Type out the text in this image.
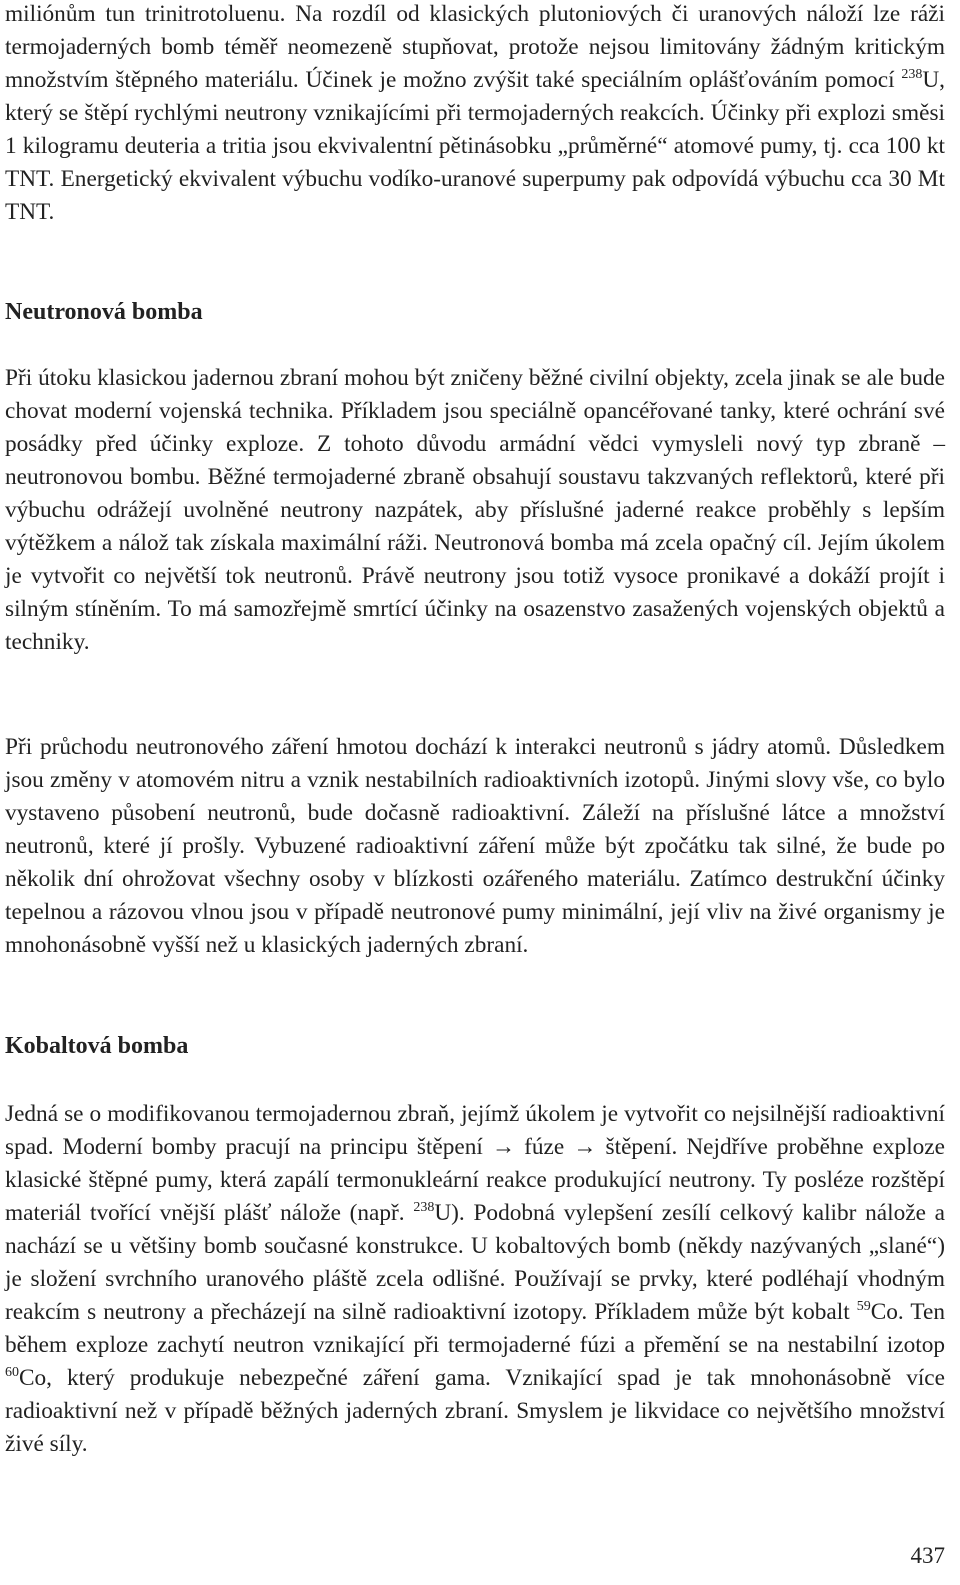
miliónům tun trinitrotoluenu. Na rozdíl od klasických plutoniových či uranových náloží lze ráži termojaderných bomb téměř neomezeně stupňovat, protože nejsou limitovány žádným kritickým množstvím štěpného materiálu. Účinek je možno zvýšit také speciálním oplášťováním pomocí $^{238}$U, který se štěpí rychlými neutrony vznikajícími při termojaderných reakcích. Účinky při explozi směsi 1 kilogramu deuteria a tritia jsou ekvivalentní pětinásobku „průměrné“ atomové pumy, tj. cca 100 kt TNT. Energetický ekvivalent výbuchu vodíko-uranové superpumy pak odpovídá výbuchu cca 30 Mt TNT.

Neutronová bomba

Při útoku klasickou jadernou zbraní mohou být zničeny běžné civilní objekty, zcela jinak se ale bude chovat moderní vojenská technika. Příkladem jsou speciálně opancéřované tanky, které ochrání své posádky před účinky exploze. Z tohoto důvodu armádní vědci vymysleli nový typ zbraně – neutronovou bombu. Běžné termojaderné zbraně obsahují soustavu takzvaných reflektorů, které při výbuchu odrážejí uvolněné neutrony nazpátek, aby příslušné jaderné reakce proběhly s lepším výtěžkem a nálož tak získala maximální ráži. Neutronová bomba má zcela opačný cíl. Jejím úkolem je vytvořit co největší tok neutronů. Právě neutrony jsou totiž vysoce pronikavé a dokáží projít i silným stíněním. To má samozřejmě smrtící účinky na osazenstvo zasažených vojenských objektů a techniky.

Při průchodu neutronového záření hmotou dochází k interakci neutronů s jádry atomů. Důsledkem jsou změny v atomovém nitru a vznik nestabilních radioaktivních izotopů. Jinými slovy vše, co bylo vystaveno působení neutronů, bude dočasně radioaktivní. Záleží na příslušné látce a množství neutronů, které jí prošly. Vybuzené radioaktivní záření může být zpočátku tak silné, že bude po několik dní ohrožovat všechny osoby v blízkosti ozářeného materiálu. Zatímco destrukční účinky tepelnou a rázovou vlnou jsou v případě neutronové pumy minimální, její vliv na živé organismy je mnohonásobně vyšší než u klasických jaderných zbraní.

Kobaltová bomba

Jedná se o modifikovanou termojadernou zbraň, jejímž úkolem je vytvořit co nejsilnější radioaktivní spad. Moderní bomby pracují na principu štěpení → fúze → štěpení. Nejdříve proběhne exploze klasické štěpné pumy, která zapálí termonukleární reakce produkující neutrony. Ty posléze rozštěpí materiál tvořící vnější plášť nálože (např. $^{238}$U). Podobná vylepšení zesílí celkový kalibr nálože a nachází se u většiny bomb současné konstrukce. U kobaltových bomb (někdy nazývaných „slané“) je složení svrchního uranového pláště zcela odlišné. Používají se prvky, které podléhají vhodným reakcím s neutrony a přecházejí na silně radioaktivní izotopy. Příkladem může být kobalt $^{59}$Co. Ten během exploze zachytí neutron vznikající při termojaderné fúzi a přemění se na nestabilní izotop $^{60}$Co, který produkuje nebezpečné záření gama. Vznikající spad je tak mnohonásobně více radioaktivní než v případě běžných jaderných zbraní. Smyslem je likvidace co největšího množství živé síly.

437
